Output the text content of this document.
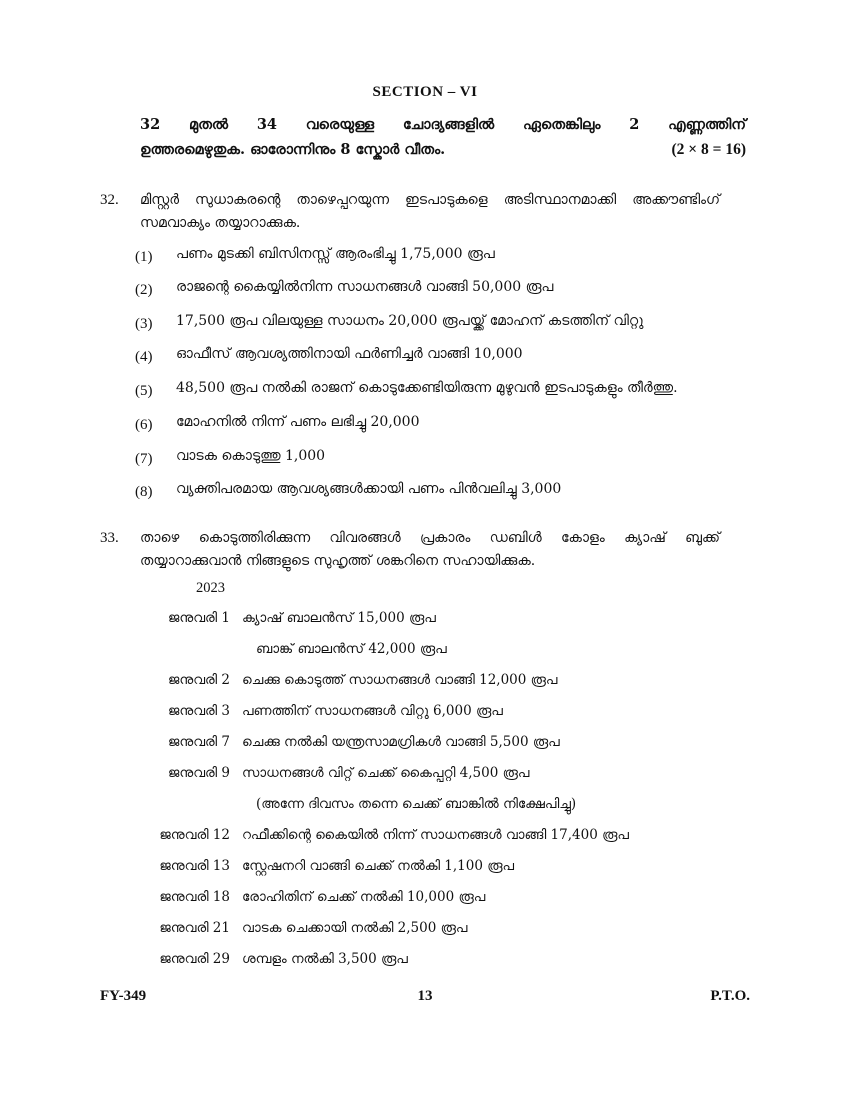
SECTION – VI
32 മുതൽ 34 വരെയുള്ള ചോദ്യങ്ങളിൽ ഏതെങ്കിലും 2 എണ്ണത്തിന്
ഉത്തരമെഴുതുക. ഓരോന്നിനും 8 സ്കോർ വീതം.	(2 × 8 = 16)
32. മിസ്റ്റർ സുധാകരന്റെ താഴെപ്പറയുന്ന ഇടപാടുകളെ അടിസ്ഥാനമാക്കി അക്കൗണ്ടിംഗ്
സമവാക്യം തയ്യാറാക്കുക.
(1) പണം മുടക്കി ബിസിനസ്സ് ആരംഭിച്ചു 1,75,000 രൂപ
(2) രാജന്റെ കൈയ്യിൽനിന്ന സാധനങ്ങൾ വാങ്ങി 50,000 രൂപ
(3) 17,500 രൂപ വിലയുള്ള സാധനം 20,000 രൂപയ്ക്ക് മോഹന് കടത്തിന് വിറ്റു
(4) ഓഫീസ് ആവശ്യത്തിനായി ഫർണിച്ചർ വാങ്ങി 10,000
(5) 48,500 രൂപ നൽകി രാജന് കൊടുക്കേണ്ടിയിരുന്ന മുഴുവൻ ഇടപാടുകളും തീർത്തു.
(6) മോഹനിൽ നിന്ന് പണം ലഭിച്ചു 20,000
(7) വാടക കൊടുത്തു 1,000
(8) വ്യക്തിപരമായ ആവശ്യങ്ങൾക്കായി പണം പിൻവലിച്ചു 3,000
33. താഴെ കൊടുത്തിരിക്കുന്ന വിവരങ്ങൾ പ്രകാരം ഡബിൾ കോളം ക്യാഷ് ബുക്ക്
തയ്യാറാക്കുവാൻ നിങ്ങളുടെ സുഹൃത്ത് ശങ്കറിനെ സഹായിക്കുക.
2023
ജനുവരി 1 ക്യാഷ് ബാലൻസ് 15,000 രൂപ
ബാങ്ക് ബാലൻസ് 42,000 രൂപ
ജനുവരി 2 ചെക്കു കൊടുത്ത് സാധനങ്ങൾ വാങ്ങി 12,000 രൂപ
ജനുവരി 3 പണത്തിന് സാധനങ്ങൾ വിറ്റു 6,000 രൂപ
ജനുവരി 7 ചെക്കു നൽകി യന്ത്രസാമഗ്രികൾ വാങ്ങി 5,500 രൂപ
ജനുവരി 9 സാധനങ്ങൾ വിറ്റ് ചെക്ക് കൈപ്പറ്റി 4,500 രൂപ
(അന്നേ ദിവസം തന്നെ ചെക്ക് ബാങ്കിൽ നിക്ഷേപിച്ചു)
ജനുവരി 12 റഫീക്കിന്റെ കൈയിൽ നിന്ന് സാധനങ്ങൾ വാങ്ങി 17,400 രൂപ
ജനുവരി 13 സ്റ്റേഷനറി വാങ്ങി ചെക്ക് നൽകി 1,100 രൂപ
ജനുവരി 18 രോഹിതിന് ചെക്ക് നൽകി 10,000 രൂപ
ജനുവരി 21 വാടക ചെക്കായി നൽകി 2,500 രൂപ
ജനുവരി 29 ശമ്പളം നൽകി 3,500 രൂപ
FY-349	13	P.T.O.
